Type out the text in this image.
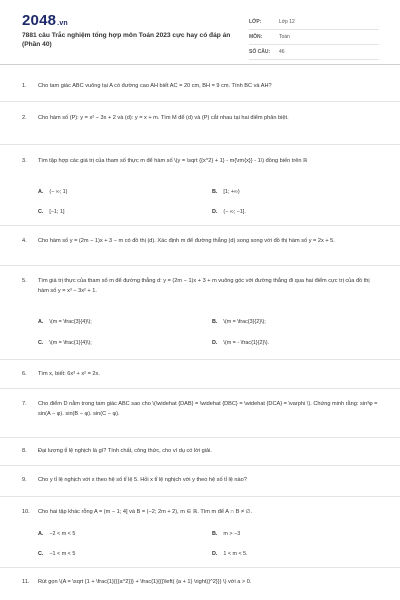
2048.vn
7881 câu Trắc nghiệm tổng hợp môn Toán 2023 cực hay có đáp án (Phần 40)
LỚP:	Lớp 12
MÔN:	Toán
SỐ CÂU:	46
1. Cho tam giác ABC vuông tại A có đường cao AH biết AC = 20 cm, BH = 9 cm. Tính BC và AH?
2. Cho hàm số (P): y = x² − 3x + 2 và (d): y = x + m. Tìm M để (d) và (P) cắt nhau tại hai điểm phân biệt.
3. Tìm tập hợp các giá trị của tham số thực m để hàm số \(y = \sqrt {{x^2} + 1} - m{\rm{x}} - 1\) đồng biến trên ℝ
A. (− ∞; 1)	B. [1; +∞)
C. [−1; 1]	D. (− ∞; −1].
4. Cho hàm số y = (2m − 1)x + 3 − m có đồ thị (d). Xác định m để đường thẳng (d) song song với đồ thị hàm số y = 2x + 5.
5. Tìm giá trị thực của tham số m để đường thẳng d: y = (2m − 1)x + 3 + m vuông góc với đường thẳng đi qua hai điểm cực trị của đồ thị hàm số y = x³ − 3x² + 1.
A. \(m = \frac{3}{4}\);	B. \(m = \frac{3}{2}\);
C. \(m = \frac{1}{4}\);	D. \(m = - \frac{1}{2}\).
6. Tìm x, biết: 6x³ + x² = 2x.
7. Cho điểm D nằm trong tam giác ABC sao cho \(\widehat {DAB} = \widehat {DBC} = \widehat {DCA} = \varphi \). Chứng minh rằng: sin³φ = sin(A − φ). sin(B − φ). sin(C − φ).
8. Đại lượng tỉ lệ nghịch là gì? Tính chất, công thức, cho ví dụ có lời giải.
9. Cho y tỉ lệ nghịch với x theo hệ số tỉ lệ 5. Hỏi x tỉ lệ nghịch với y theo hệ số tỉ lệ nào?
10. Cho hai tập khác rỗng A = (m − 1; 4] và B = (−2; 2m + 2), m ∈ ℝ. Tìm m để A ∩ B ≠ ∅.
A. −2 < m < 5	B. m > −3
C. −1 < m < 5	D. 1 < m < 5.
11. Rút gọn \(A = \sqrt {1 + \frac{1}{{{a^2}}} + \frac{1}{{{\left( {a + 1} \right)}^2}}} \) với a > 0.
